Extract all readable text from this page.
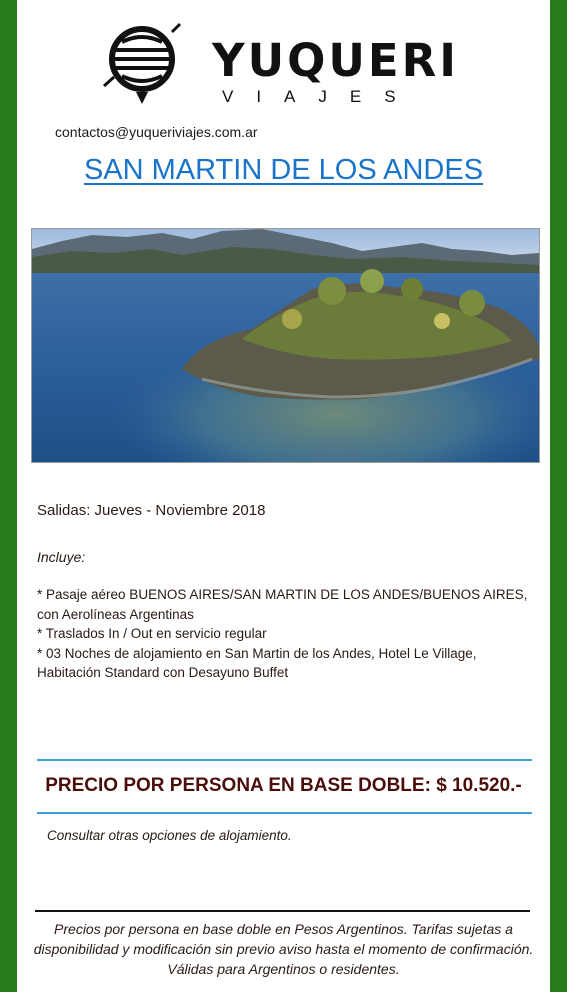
YUQUERI
VIAJES
contactos@yuqueriviajes.com.ar
SAN MARTIN DE LOS ANDES
Salidas: Jueves - Noviembre 2018
Incluye:
* Pasaje aéreo BUENOS AIRES/SAN MARTIN DE LOS ANDES/BUENOS AIRES,
con Aerolíneas Argentinas
* Traslados In / Out en servicio regular
* 03 Noches de alojamiento en San Martin de los Andes, Hotel Le Village,
Habitación Standard con Desayuno Buffet
PRECIO POR PERSONA EN BASE DOBLE: $ 10.520.-
Consultar otras opciones de alojamiento.
Precios por persona en base doble en Pesos Argentinos. Tarifas sujetas a disponibilidad y modificación sin previo aviso hasta el momento de confirmación. Válidas para Argentinos o residentes.
